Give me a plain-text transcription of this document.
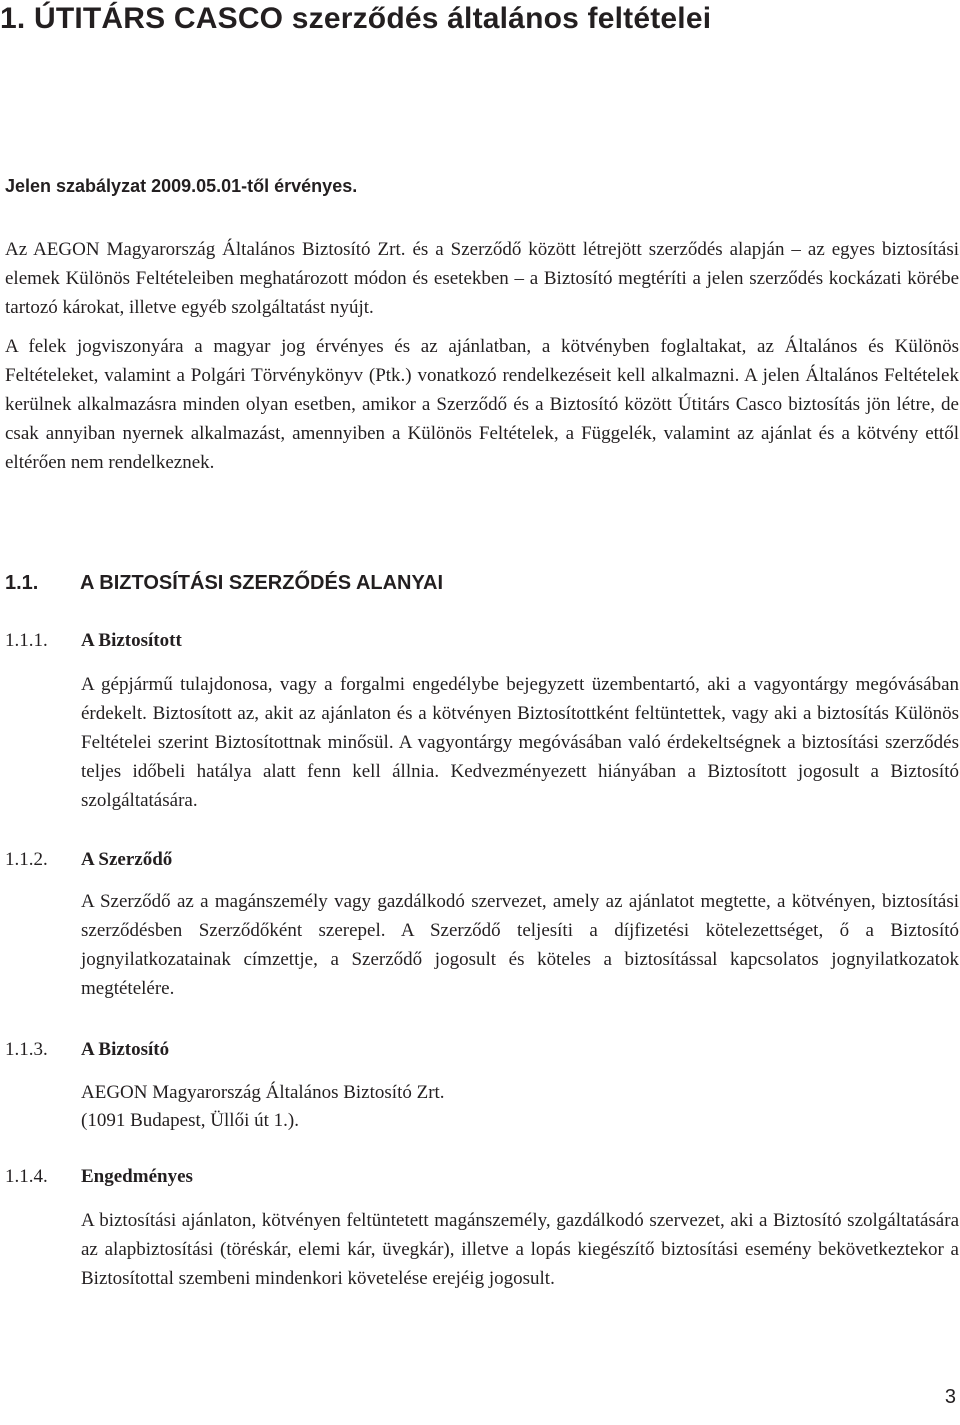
1. ÚTITÁRS CASCO szerződés általános feltételei

Jelen szabályzat 2009.05.01-től érvényes.

Az AEGON Magyarország Általános Biztosító Zrt. és a Szerződő között létrejött szerződés alapján – az egyes biztosítási elemek Különös Feltételeiben meghatározott módon és esetekben – a Biztosító megtéríti a jelen szerződés kockázati körébe tartozó károkat, illetve egyéb szolgáltatást nyújt.

A felek jogviszonyára a magyar jog érvényes és az ajánlatban, a kötvényben foglaltakat, az Általános és Különös Feltételeket, valamint a Polgári Törvénykönyv (Ptk.) vonatkozó rendelkezéseit kell alkalmazni. A jelen Általános Feltételek kerülnek alkalmazásra minden olyan esetben, amikor a Szerződő és a Biztosító között Útitárs Casco biztosítás jön létre, de csak annyiban nyernek alkalmazást, amennyiben a Különös Feltételek, a Függelék, valamint az ajánlat és a kötvény ettől eltérően nem rendelkeznek.

1.1. A BIZTOSÍTÁSI SZERZŐDÉS ALANYAI
1.1.1. A Biztosított

A gépjármű tulajdonosa, vagy a forgalmi engedélybe bejegyzett üzembentartó, aki a vagyontárgy megóvásában érdekelt. Biztosított az, akit az ajánlaton és a kötvényen Biztosítottként feltüntettek, vagy aki a biztosítás Különös Feltételei szerint Biztosítottnak minősül. A vagyontárgy megóvásában való érdekeltségnek a biztosítási szerződés teljes időbeli hatálya alatt fenn kell állnia. Kedvezményezett hiányában a Biztosított jogosult a Biztosító szolgáltatására.

1.1.2. A Szerződő

A Szerződő az a magánszemély vagy gazdálkodó szervezet, amely az ajánlatot megtette, a kötvényen, biztosítási szerződésben Szerződőként szerepel. A Szerződő teljesíti a díjfizetési kötelezettséget, ő a Biztosító jognyilatkozatainak címzettje, a Szerződő jogosult és köteles a biztosítással kapcsolatos jognyilatkozatok megtételére.

1.1.3. A Biztosító

AEGON Magyarország Általános Biztosító Zrt.

(1091 Budapest, Üllői út 1.).

1.1.4. Engedményes

A biztosítási ajánlaton, kötvényen feltüntetett magánszemély, gazdálkodó szervezet, aki a Biztosító szolgáltatására az alapbiztosítási (töréskár, elemi kár, üvegkár), illetve a lopás kiegészítő biztosítási esemény bekövetkeztekor a Biztosítottal szembeni mindenkori követelése erejéig jogosult.

3
